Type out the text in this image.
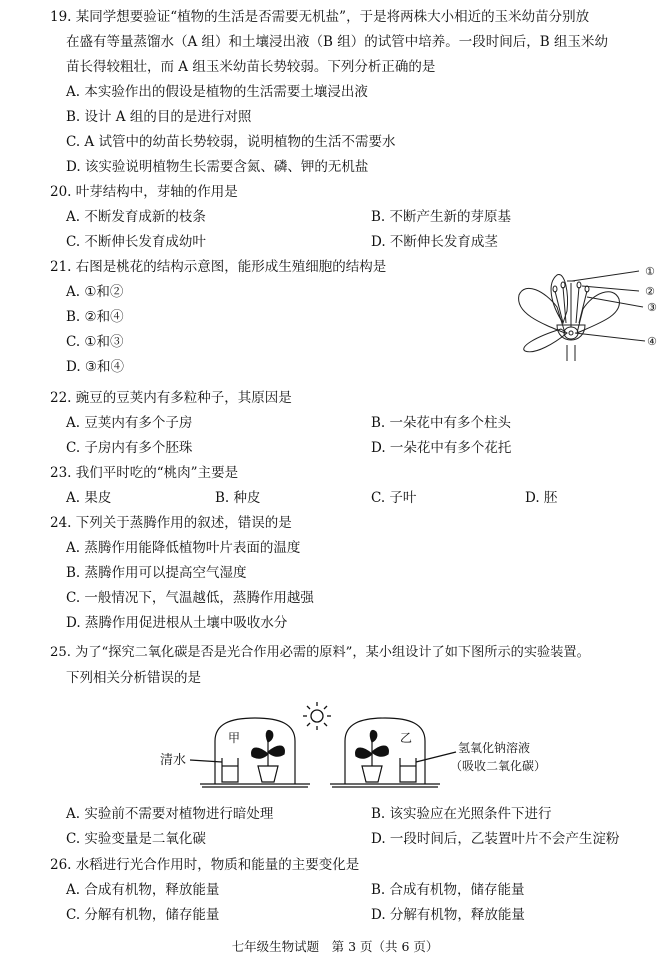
19. 某同学想要验证“植物的生活是否需要无机盐”，于是将两株大小相近的玉米幼苗分别放
在盛有等量蒸馏水（A 组）和土壤浸出液（B 组）的试管中培养。一段时间后，B 组玉米幼
苗长得较粗壮，而 A 组玉米幼苗长势较弱。下列分析正确的是
A. 本实验作出的假设是植物的生活需要土壤浸出液
B. 设计 A 组的目的是进行对照
C. A 试管中的幼苗长势较弱，说明植物的生活不需要水
D. 该实验说明植物生长需要含氮、磷、钾的无机盐
20. 叶芽结构中，芽轴的作用是
A. 不断发育成新的枝条	B. 不断产生新的芽原基
C. 不断伸长发育成幼叶	D. 不断伸长发育成茎
21. 右图是桃花的结构示意图，能形成生殖细胞的结构是
A. ①和②
B. ②和④
C. ①和③
D. ③和④
①
②
③
④
22. 豌豆的豆荚内有多粒种子，其原因是
A. 豆荚内有多个子房	B. 一朵花中有多个柱头
C. 子房内有多个胚珠	D. 一朵花中有多个花托
23. 我们平时吃的“桃肉”主要是
A. 果皮	B. 种皮	C. 子叶	D. 胚
24. 下列关于蒸腾作用的叙述，错误的是
A. 蒸腾作用能降低植物叶片表面的温度
B. 蒸腾作用可以提高空气湿度
C. 一般情况下，气温越低，蒸腾作用越强
D. 蒸腾作用促进根从土壤中吸收水分
25. 为了“探究二氧化碳是否是光合作用必需的原料”，某小组设计了如下图所示的实验装置。
下列相关分析错误的是
清水
甲	乙
氢氧化钠溶液
（吸收二氧化碳）
A. 实验前不需要对植物进行暗处理	B. 该实验应在光照条件下进行
C. 实验变量是二氧化碳	D. 一段时间后，乙装置叶片不会产生淀粉
26. 水稻进行光合作用时，物质和能量的主要变化是
A. 合成有机物，释放能量	B. 合成有机物，储存能量
C. 分解有机物，储存能量	D. 分解有机物，释放能量
七年级生物试题　第 3 页（共 6 页）
